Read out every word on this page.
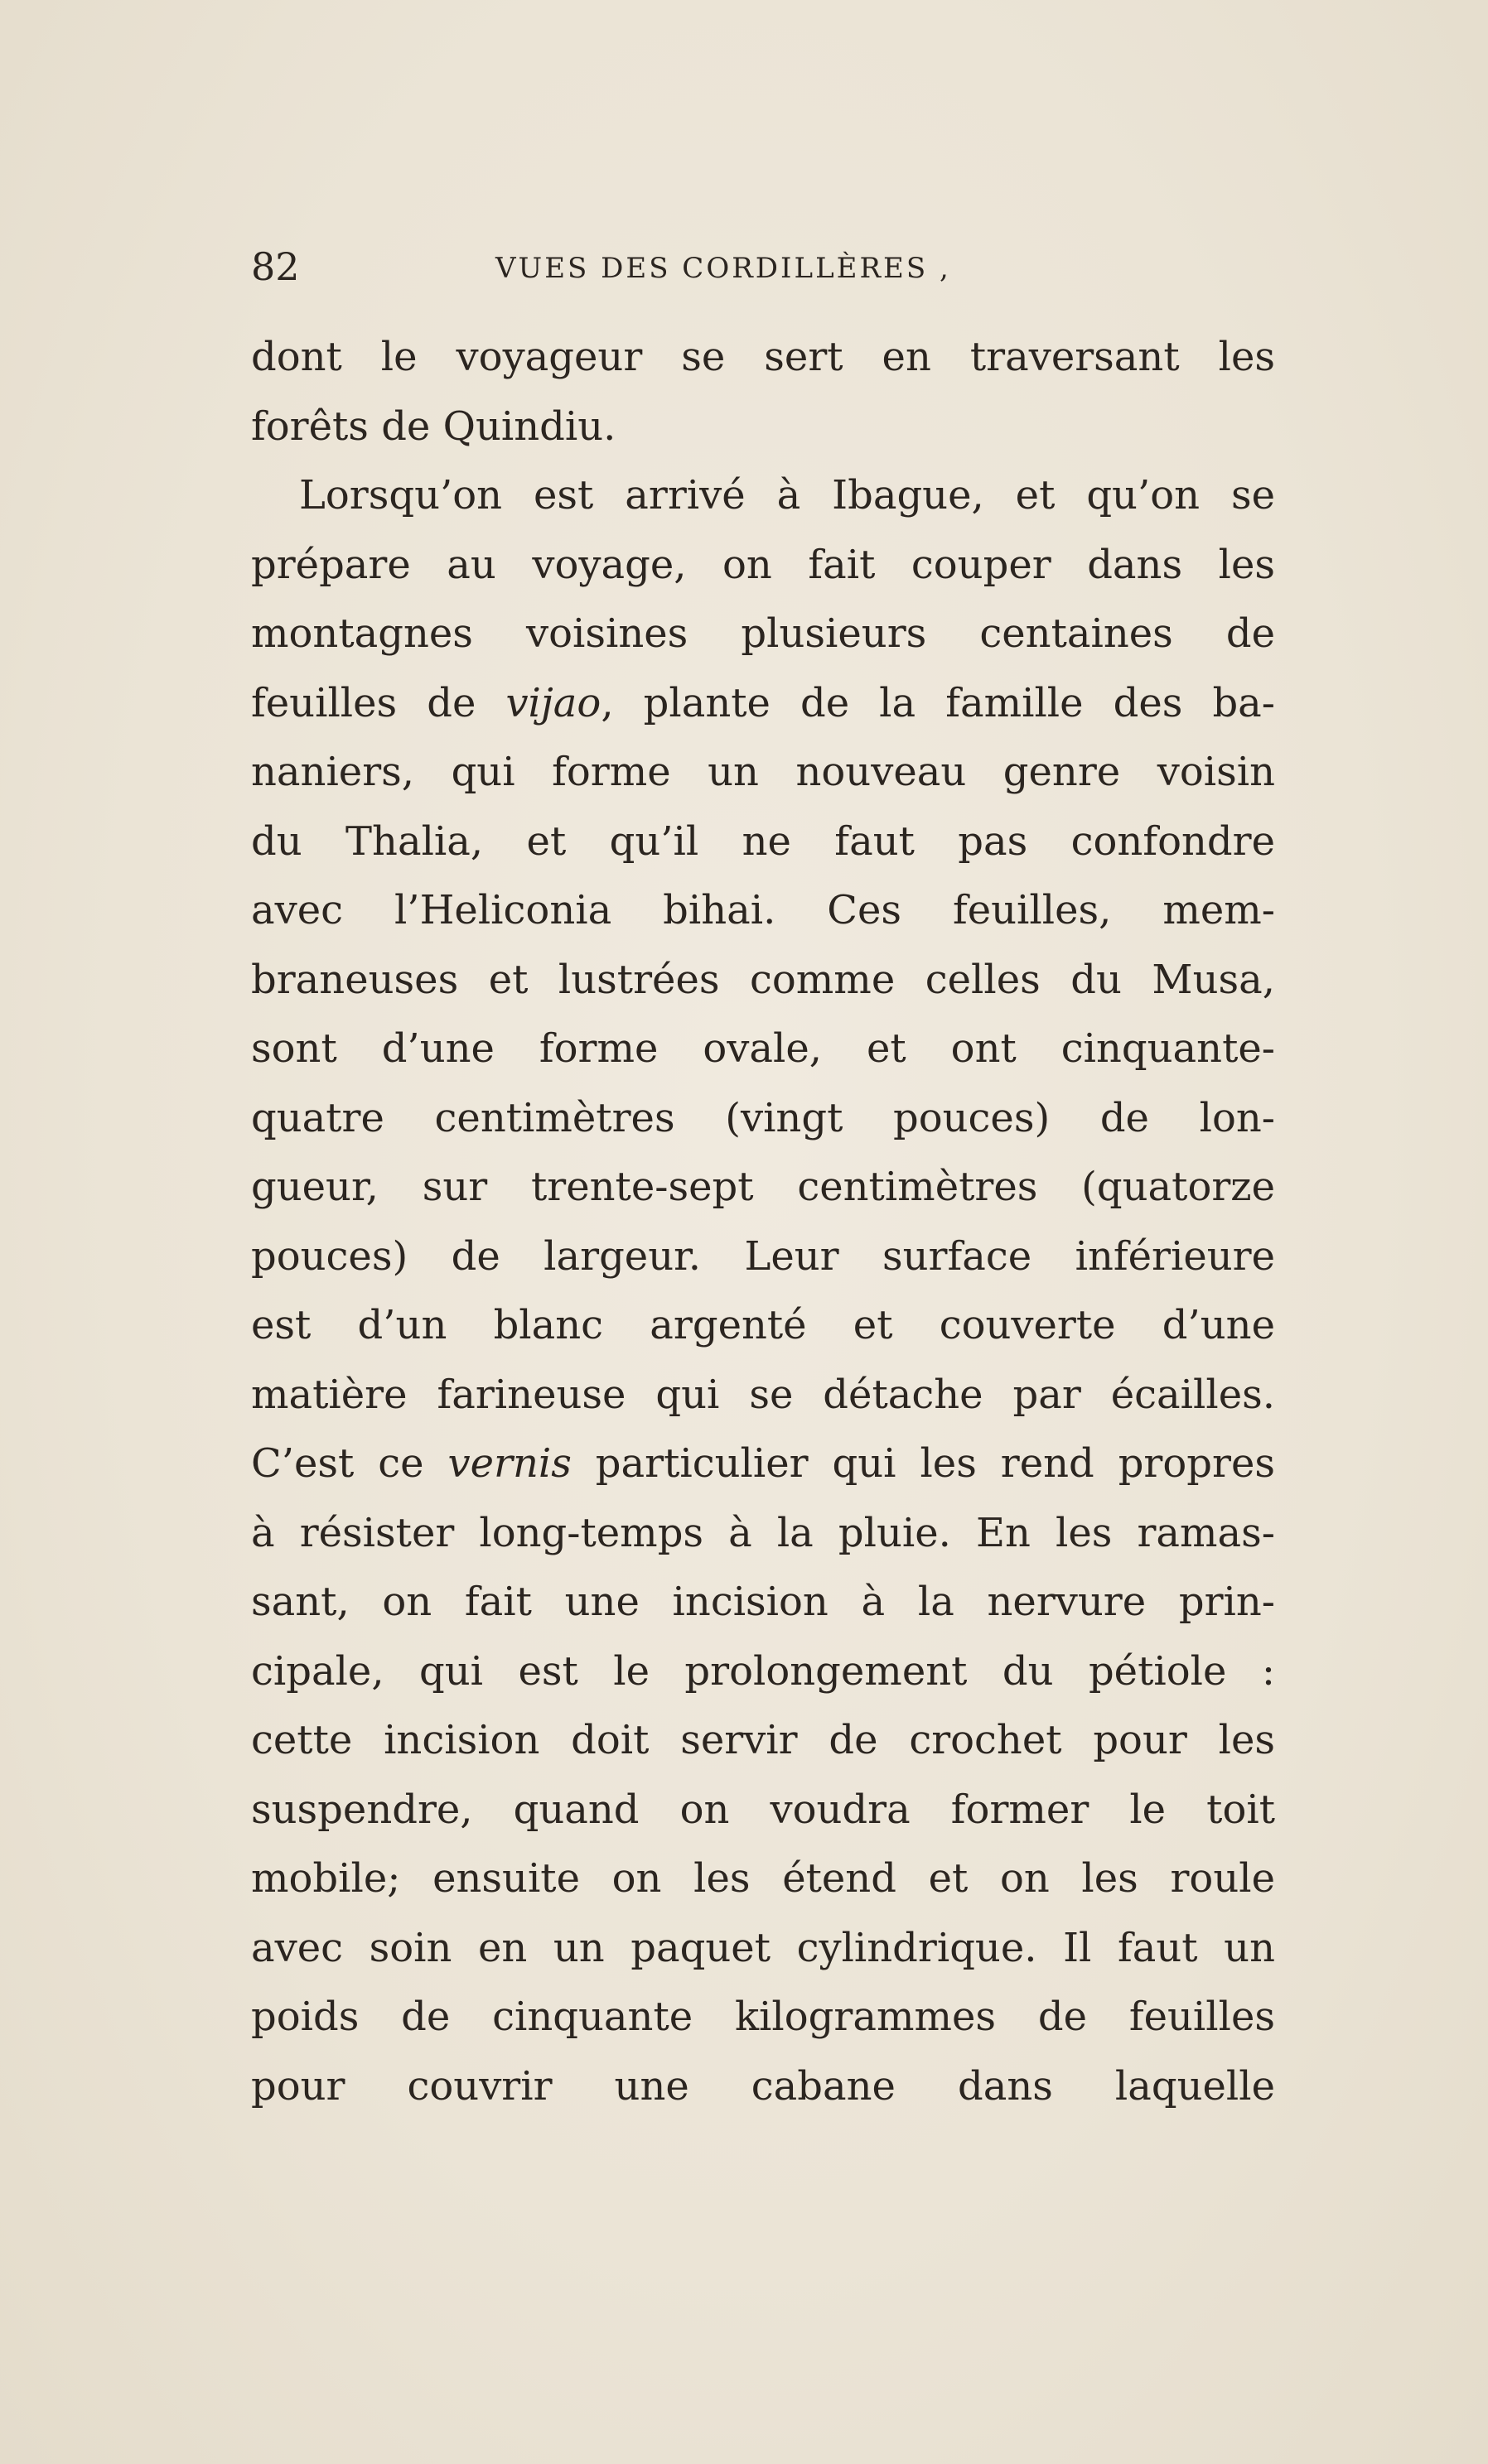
82	VUES DES CORDILLÈRES ,
dont le voyageur se sert en traversant les
forêts de Quindiu.
Lorsqu’on est arrivé à Ibague, et qu’on se
prépare au voyage, on fait couper dans les
montagnes voisines plusieurs centaines de
feuilles de vijao, plante de la famille des ba-
naniers, qui forme un nouveau genre voisin
du Thalia, et qu’il ne faut pas confondre
avec l’Heliconia bihai. Ces feuilles, mem-
braneuses et lustrées comme celles du Musa,
sont d’une forme ovale, et ont cinquante-
quatre centimètres (vingt pouces) de lon-
gueur, sur trente-sept centimètres (quatorze
pouces) de largeur. Leur surface inférieure
est d’un blanc argenté et couverte d’une
matière farineuse qui se détache par écailles.
C’est ce vernis particulier qui les rend propres
à résister long-temps à la pluie. En les ramas-
sant, on fait une incision à la nervure prin-
cipale, qui est le prolongement du pétiole :
cette incision doit servir de crochet pour les
suspendre, quand on voudra former le toit
mobile; ensuite on les étend et on les roule
avec soin en un paquet cylindrique. Il faut un
poids de cinquante kilogrammes de feuilles
pour couvrir une cabane dans laquelle
